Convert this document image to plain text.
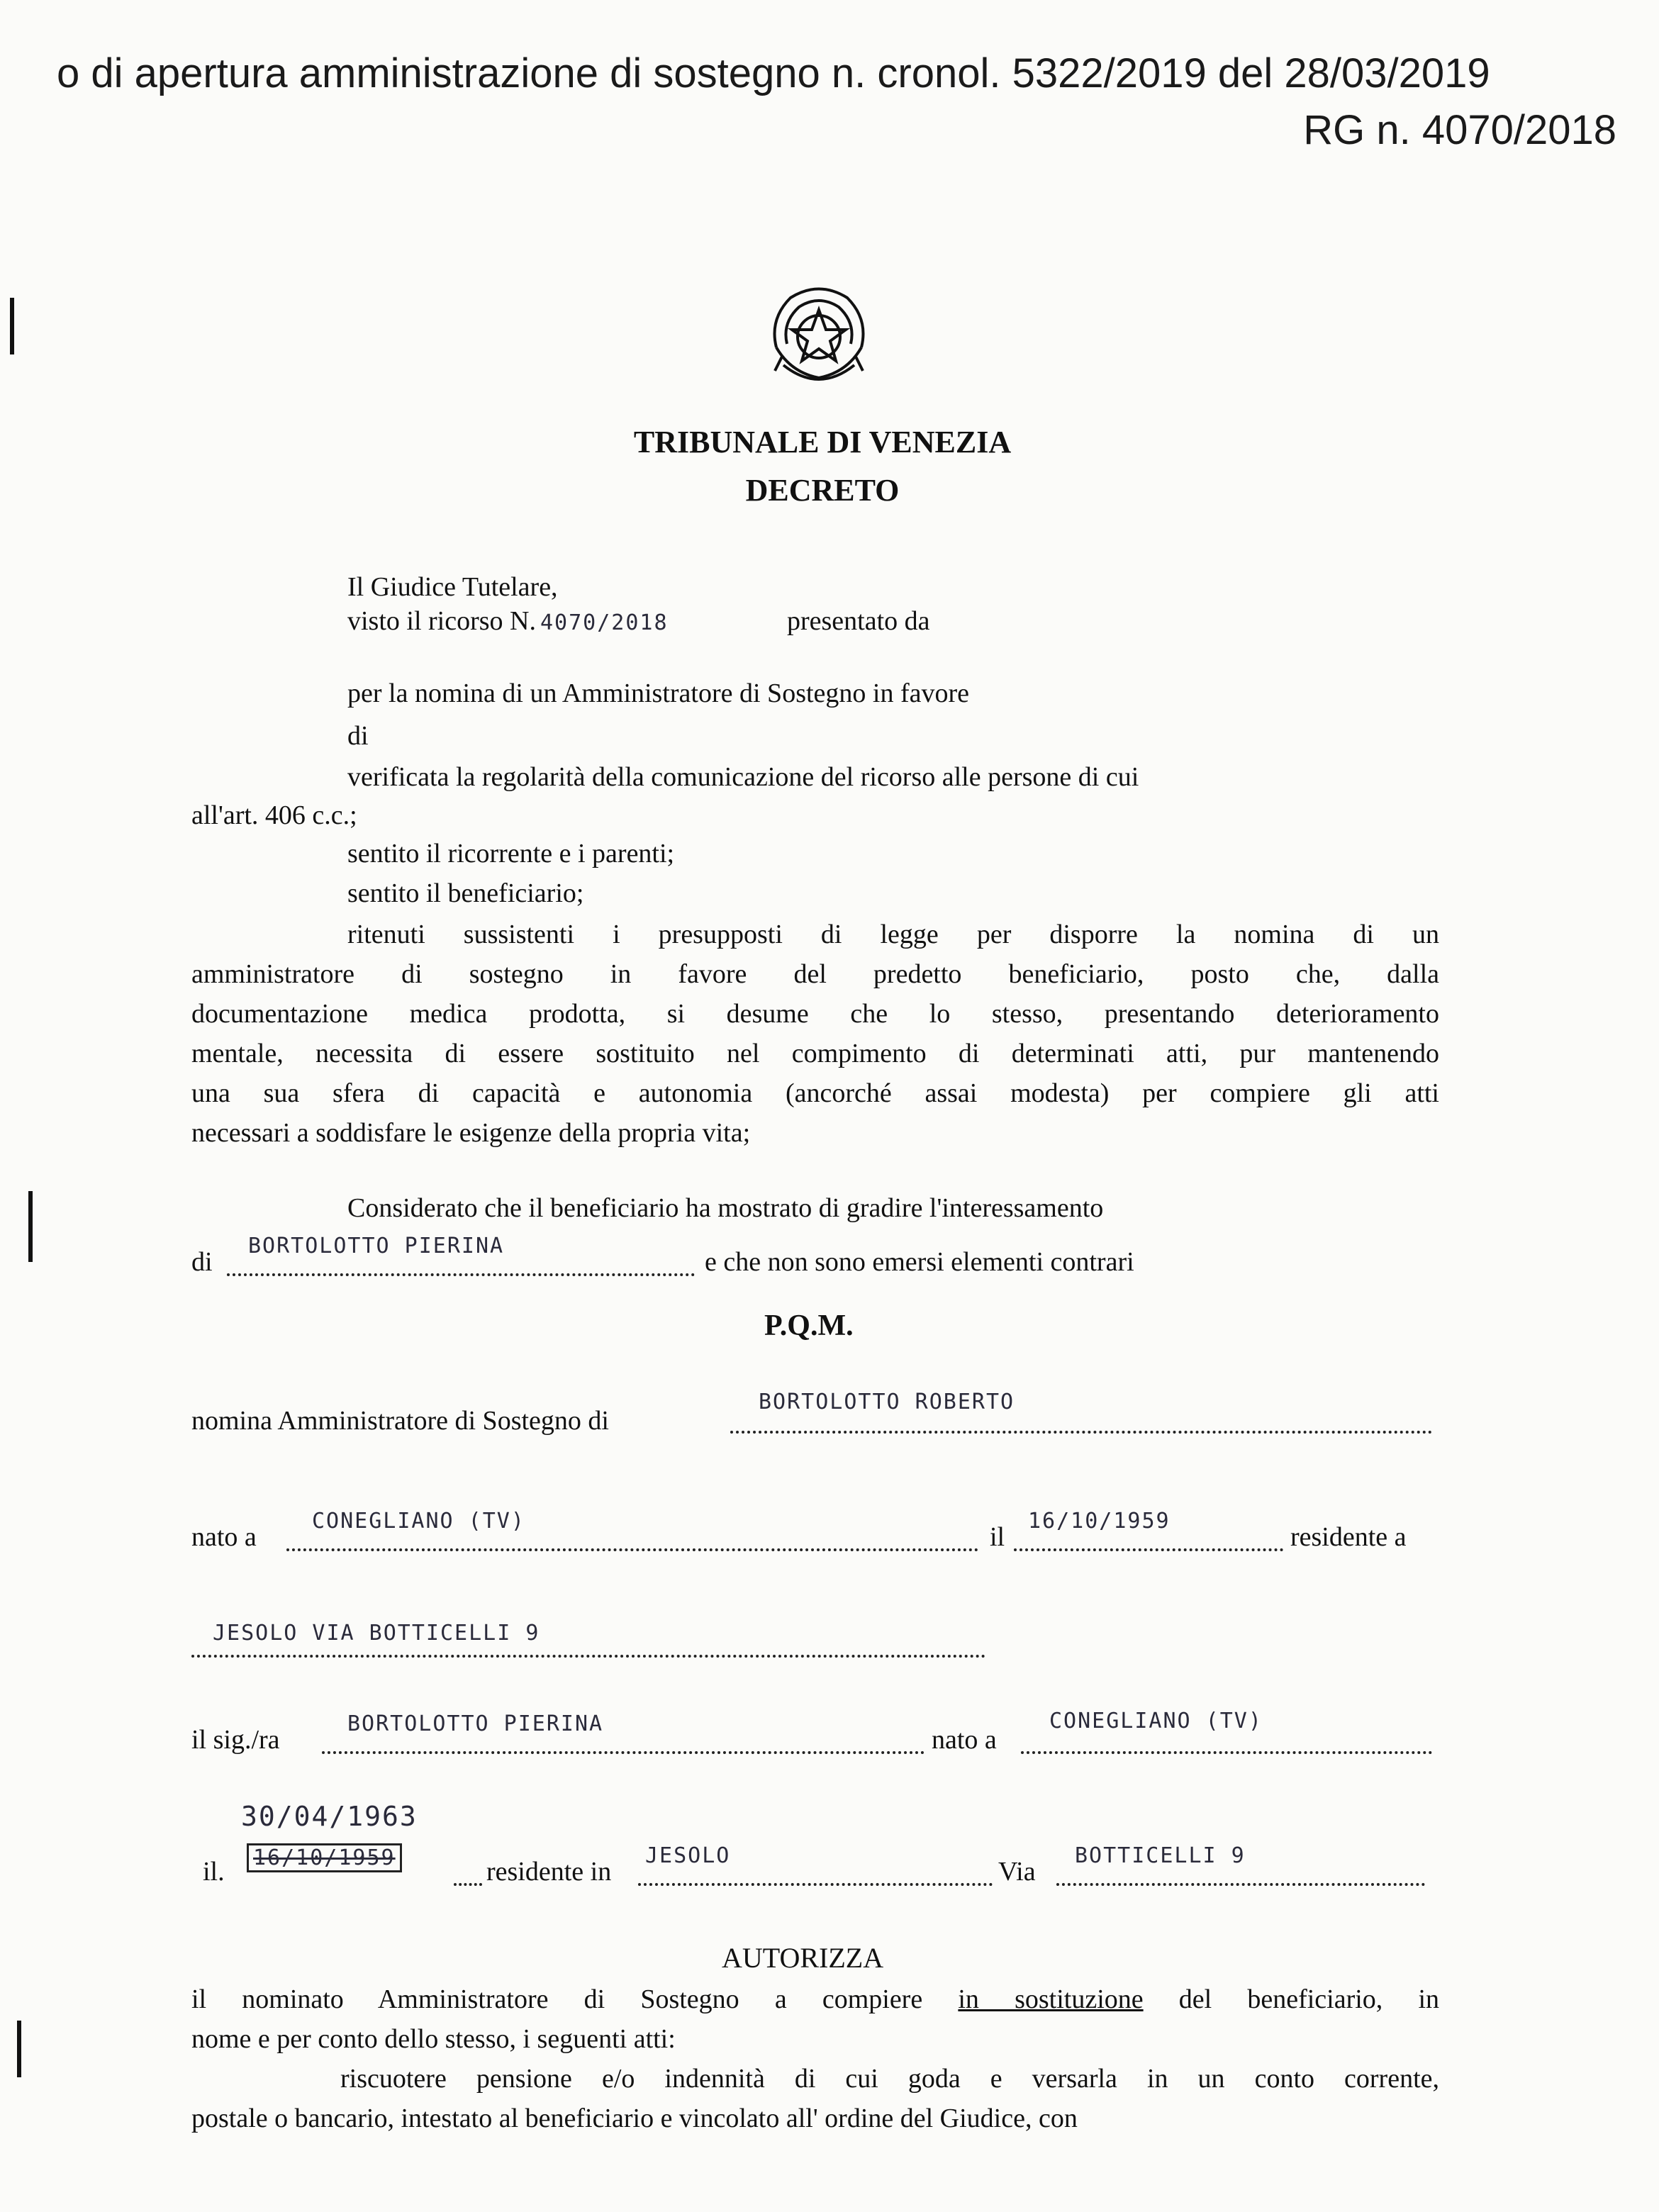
o di apertura amministrazione di sostegno n. cronol. 5322/2019 del 28/03/2019
RG n. 4070/2018
TRIBUNALE DI VENEZIA
DECRETO
Il Giudice Tutelare,
visto il ricorso N. 4070/2018	presentato da
per la nomina di un Amministratore di Sostegno in favore
di
verificata la regolarità della comunicazione del ricorso alle persone di cui
all'art. 406 c.c.;
sentito il ricorrente e i parenti;
sentito il beneficiario;
ritenuti sussistenti i presupposti di legge per disporre la nomina di un
amministratore di sostegno in favore del predetto beneficiario, posto che, dalla
documentazione medica prodotta, si desume che lo stesso, presentando deterioramento
mentale, necessita di essere sostituito nel compimento di determinati atti, pur mantenendo
una sua sfera di capacità e autonomia (ancorché assai modesta) per compiere gli atti
necessari a soddisfare le esigenze della propria vita;
Considerato che il beneficiario ha mostrato di gradire l'interessamento
di
BORTOLOTTO PIERINA
e che non sono emersi elementi contrari
P.Q.M.
nomina Amministratore di Sostegno di
BORTOLOTTO ROBERTO
nato a
CONEGLIANO (TV)
il
16/10/1959
residente a
JESOLO VIA BOTTICELLI 9
il sig./ra
BORTOLOTTO PIERINA
nato a
CONEGLIANO (TV)
30/04/1963
il.	16/10/1959	residente in
JESOLO
Via
BOTTICELLI 9
AUTORIZZA
il nominato Amministratore di Sostegno a compiere in sostituzione del beneficiario, in
nome e per conto dello stesso, i seguenti atti:
riscuotere pensione e/o indennità di cui goda e versarla in un conto corrente,
postale o bancario, intestato al beneficiario e vincolato all' ordine del Giudice, con
